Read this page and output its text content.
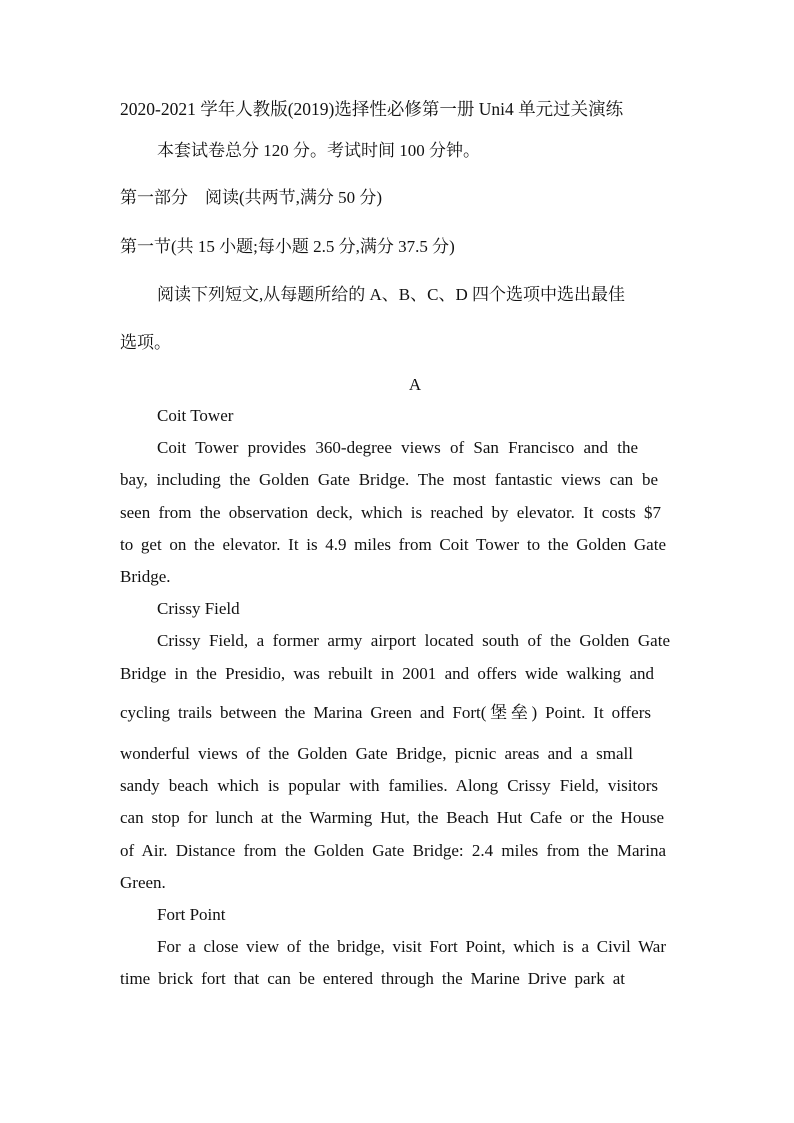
2020-2021 学年人教版(2019)选择性必修第一册 Uni4 单元过关演练
本套试卷总分 120 分。考试时间 100 分钟。
第一部分　阅读(共两节,满分 50 分)
第一节(共 15 小题;每小题 2.5 分,满分 37.5 分)
阅读下列短文,从每题所给的 A、B、C、D 四个选项中选出最佳
选项。
A
Coit Tower
Coit Tower provides 360-degree views of San Francisco and the
bay, including the Golden Gate Bridge. The most fantastic views can be
seen from the observation deck, which is reached by elevator. It costs $7
to get on the elevator. It is 4.9 miles from Coit Tower to the Golden Gate
Bridge.
Crissy Field
Crissy Field, a former army airport located south of the Golden Gate
Bridge in the Presidio, was rebuilt in 2001 and offers wide walking and
cycling trails between the Marina Green and Fort(堡垒) Point. It offers
wonderful views of the Golden Gate Bridge, picnic areas and a small
sandy beach which is popular with families. Along Crissy Field, visitors
can stop for lunch at the Warming Hut, the Beach Hut Cafe or the House
of Air. Distance from the Golden Gate Bridge: 2.4 miles from the Marina
Green.
Fort Point
For a close view of the bridge, visit Fort Point, which is a Civil War
time brick fort that can be entered through the Marine Drive park at
